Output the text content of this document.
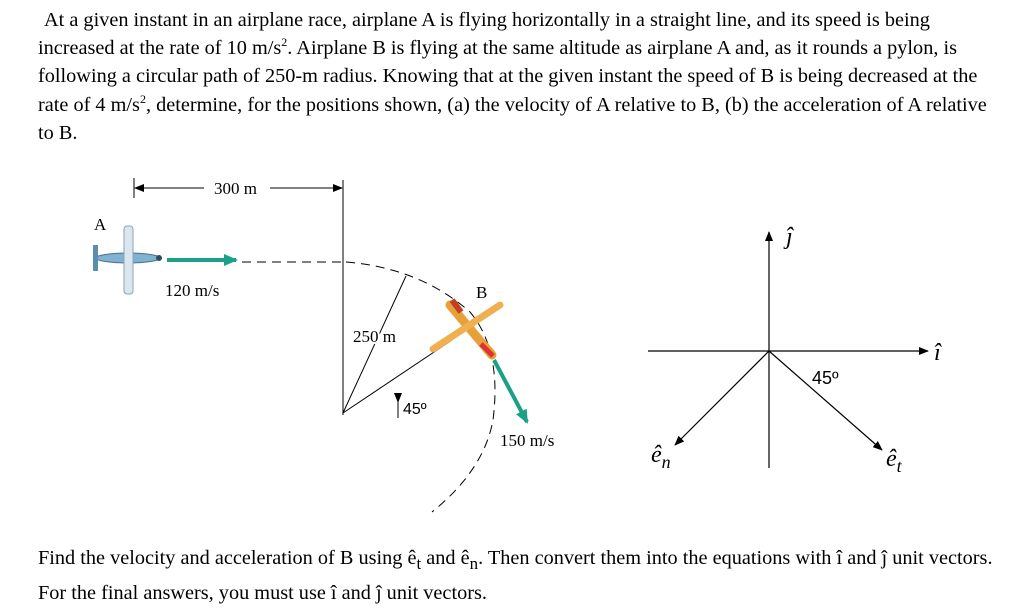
At a given instant in an airplane race, airplane A is flying horizontally in a straight line, and its speed is being increased at the rate of 10 $m/s^2$. Airplane B is flying at the same altitude as airplane A and, as it rounds a pylon, is following a circular path of 250-m radius. Knowing that at the given instant the speed of B is being decreased at the rate of 4 $m/s^2$, determine, for the positions shown, (a) the velocity of A relative to B, (b) the acceleration of A relative to B.
300 m
A
120 m/s
250 m
45º
B
150 m/s
ĵ
î
45º
$ê_n$	$ê_t$
Find the velocity and acceleration of B using $ê_t$ and $ê_n$. Then convert them into the equations with î and ĵ unit vectors. For the final answers, you must use î and ĵ unit vectors.
